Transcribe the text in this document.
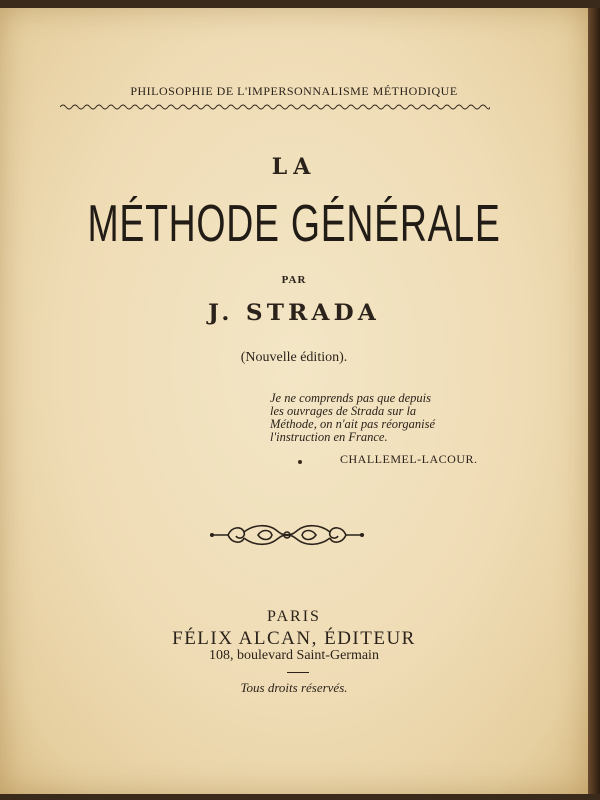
PHILOSOPHIE DE L'IMPERSONNALISME MÉTHODIQUE
LA
MÉTHODE GÉNÉRALE
PAR
J. STRADA
(Nouvelle édition).
Je ne comprends pas que depuis
les ouvrages de Strada sur la
Méthode, on n'ait pas réorganisé
l'instruction en France.
CHALLEMEL-LACOUR.
PARIS
FÉLIX ALCAN, ÉDITEUR
108, boulevard Saint-Germain
Tous droits réservés.
